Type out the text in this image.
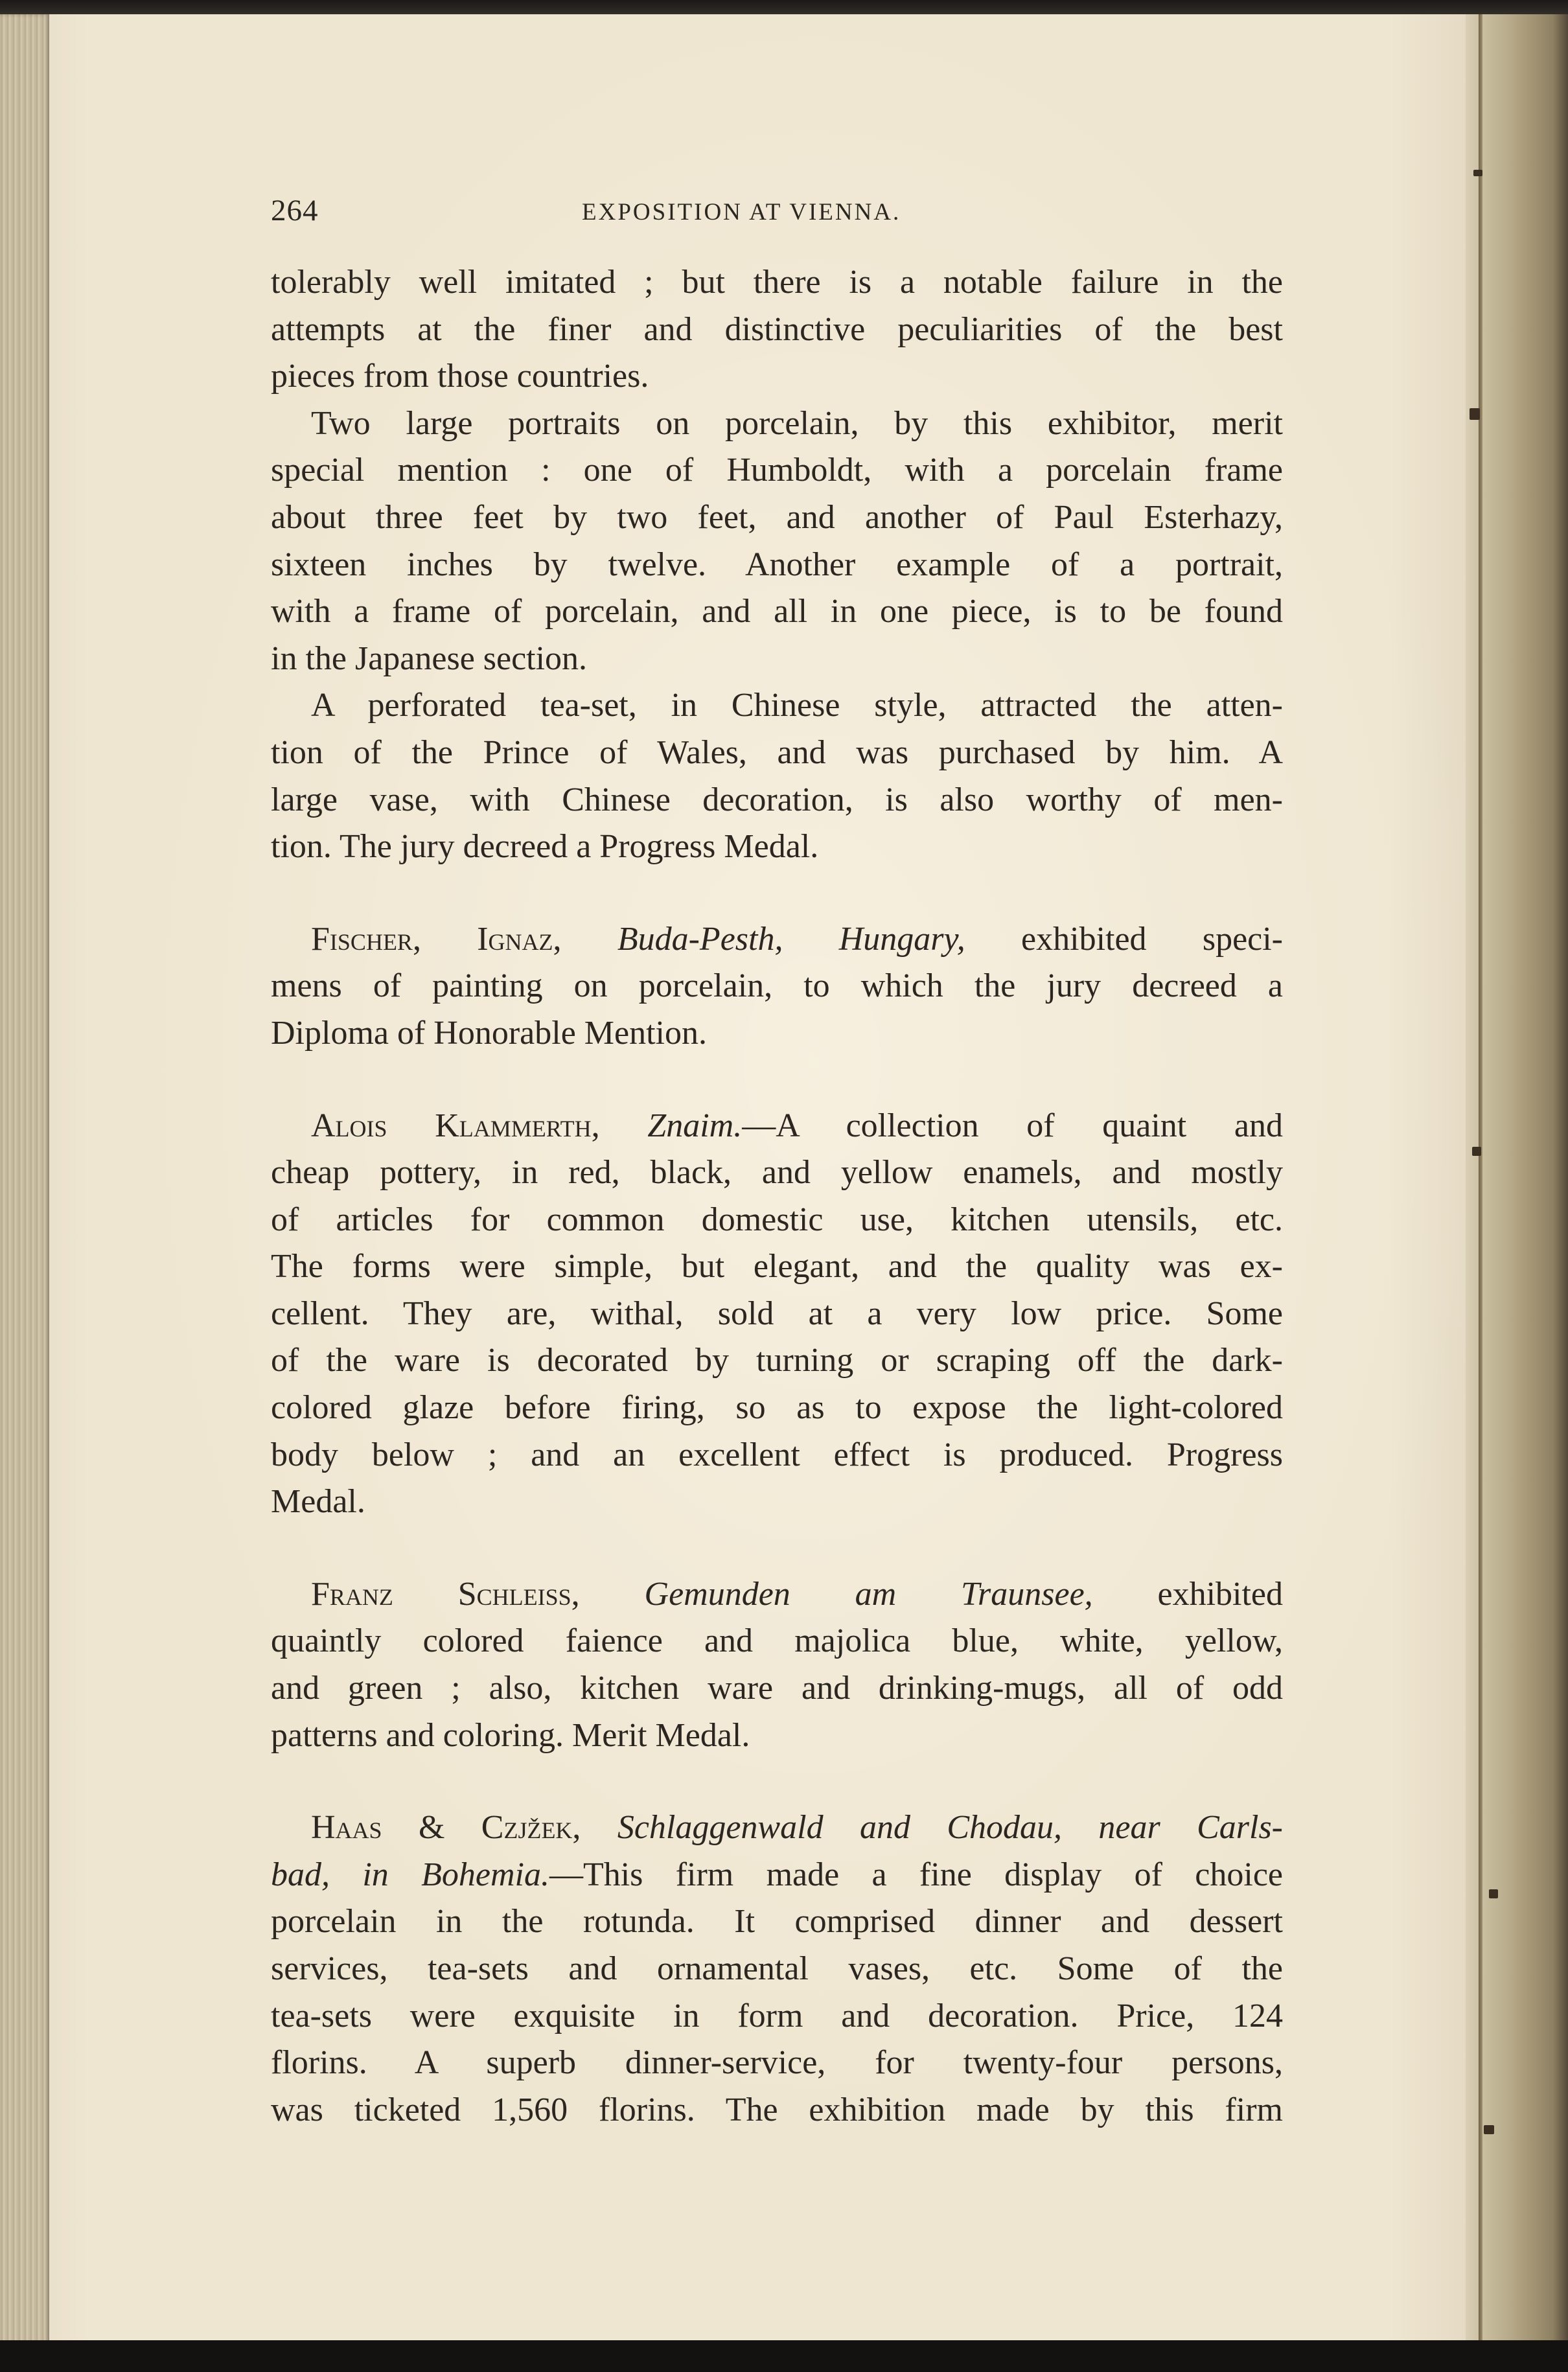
264	EXPOSITION AT VIENNA.
tolerably well imitated ; but there is a notable failure in the
attempts at the finer and distinctive peculiarities of the best
pieces from those countries.
Two large portraits on porcelain, by this exhibitor, merit
special mention : one of Humboldt, with a porcelain frame
about three feet by two feet, and another of Paul Esterhazy,
sixteen inches by twelve. Another example of a portrait,
with a frame of porcelain, and all in one piece, is to be found
in the Japanese section.
A perforated tea-set, in Chinese style, attracted the atten-
tion of the Prince of Wales, and was purchased by him. A
large vase, with Chinese decoration, is also worthy of men-
tion. The jury decreed a Progress Medal.
Fischer, Ignaz, Buda-Pesth, Hungary, exhibited speci-
mens of painting on porcelain, to which the jury decreed a
Diploma of Honorable Mention.
Alois Klammerth, Znaim.—A collection of quaint and
cheap pottery, in red, black, and yellow enamels, and mostly
of articles for common domestic use, kitchen utensils, etc.
The forms were simple, but elegant, and the quality was ex-
cellent. They are, withal, sold at a very low price. Some
of the ware is decorated by turning or scraping off the dark-
colored glaze before firing, so as to expose the light-colored
body below ; and an excellent effect is produced. Progress
Medal.
Franz Schleiss, Gemunden am Traunsee, exhibited
quaintly colored faience and majolica blue, white, yellow,
and green ; also, kitchen ware and drinking-mugs, all of odd
patterns and coloring. Merit Medal.
Haas & Czjžek, Schlaggenwald and Chodau, near Carls-
bad, in Bohemia.—This firm made a fine display of choice
porcelain in the rotunda. It comprised dinner and dessert
services, tea-sets and ornamental vases, etc. Some of the
tea-sets were exquisite in form and decoration. Price, 124
florins. A superb dinner-service, for twenty-four persons,
was ticketed 1,560 florins. The exhibition made by this firm
